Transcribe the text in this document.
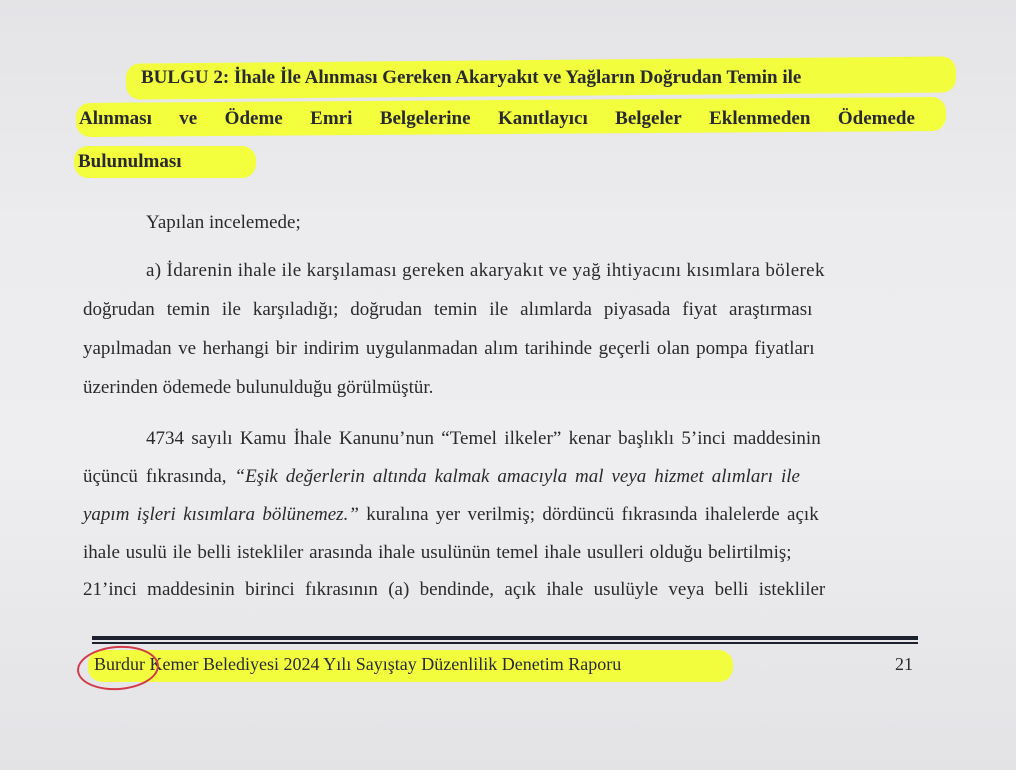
BULGU 2: İhale İle Alınması Gereken Akaryakıt ve Yağların Doğrudan Temin ile
Alınması ve Ödeme Emri Belgelerine Kanıtlayıcı Belgeler Eklenmeden Ödemede
Bulunulması
Yapılan incelemede;
a) İdarenin ihale ile karşılaması gereken akaryakıt ve yağ ihtiyacını kısımlara bölerek
doğrudan temin ile karşıladığı; doğrudan temin ile alımlarda piyasada fiyat araştırması
yapılmadan ve herhangi bir indirim uygulanmadan alım tarihinde geçerli olan pompa fiyatları
üzerinden ödemede bulunulduğu görülmüştür.
4734 sayılı Kamu İhale Kanunu’nun “Temel ilkeler” kenar başlıklı 5’inci maddesinin
üçüncü fıkrasında, “Eşik değerlerin altında kalmak amacıyla mal veya hizmet alımları ile
yapım işleri kısımlara bölünemez.” kuralına yer verilmiş; dördüncü fıkrasında ihalelerde açık
ihale usulü ile belli istekliler arasında ihale usulünün temel ihale usulleri olduğu belirtilmiş;
21’inci maddesinin birinci fıkrasının (a) bendinde, açık ihale usulüyle veya belli istekliler
Burdur Kemer Belediyesi 2024 Yılı Sayıştay Düzenlilik Denetim Raporu	21
